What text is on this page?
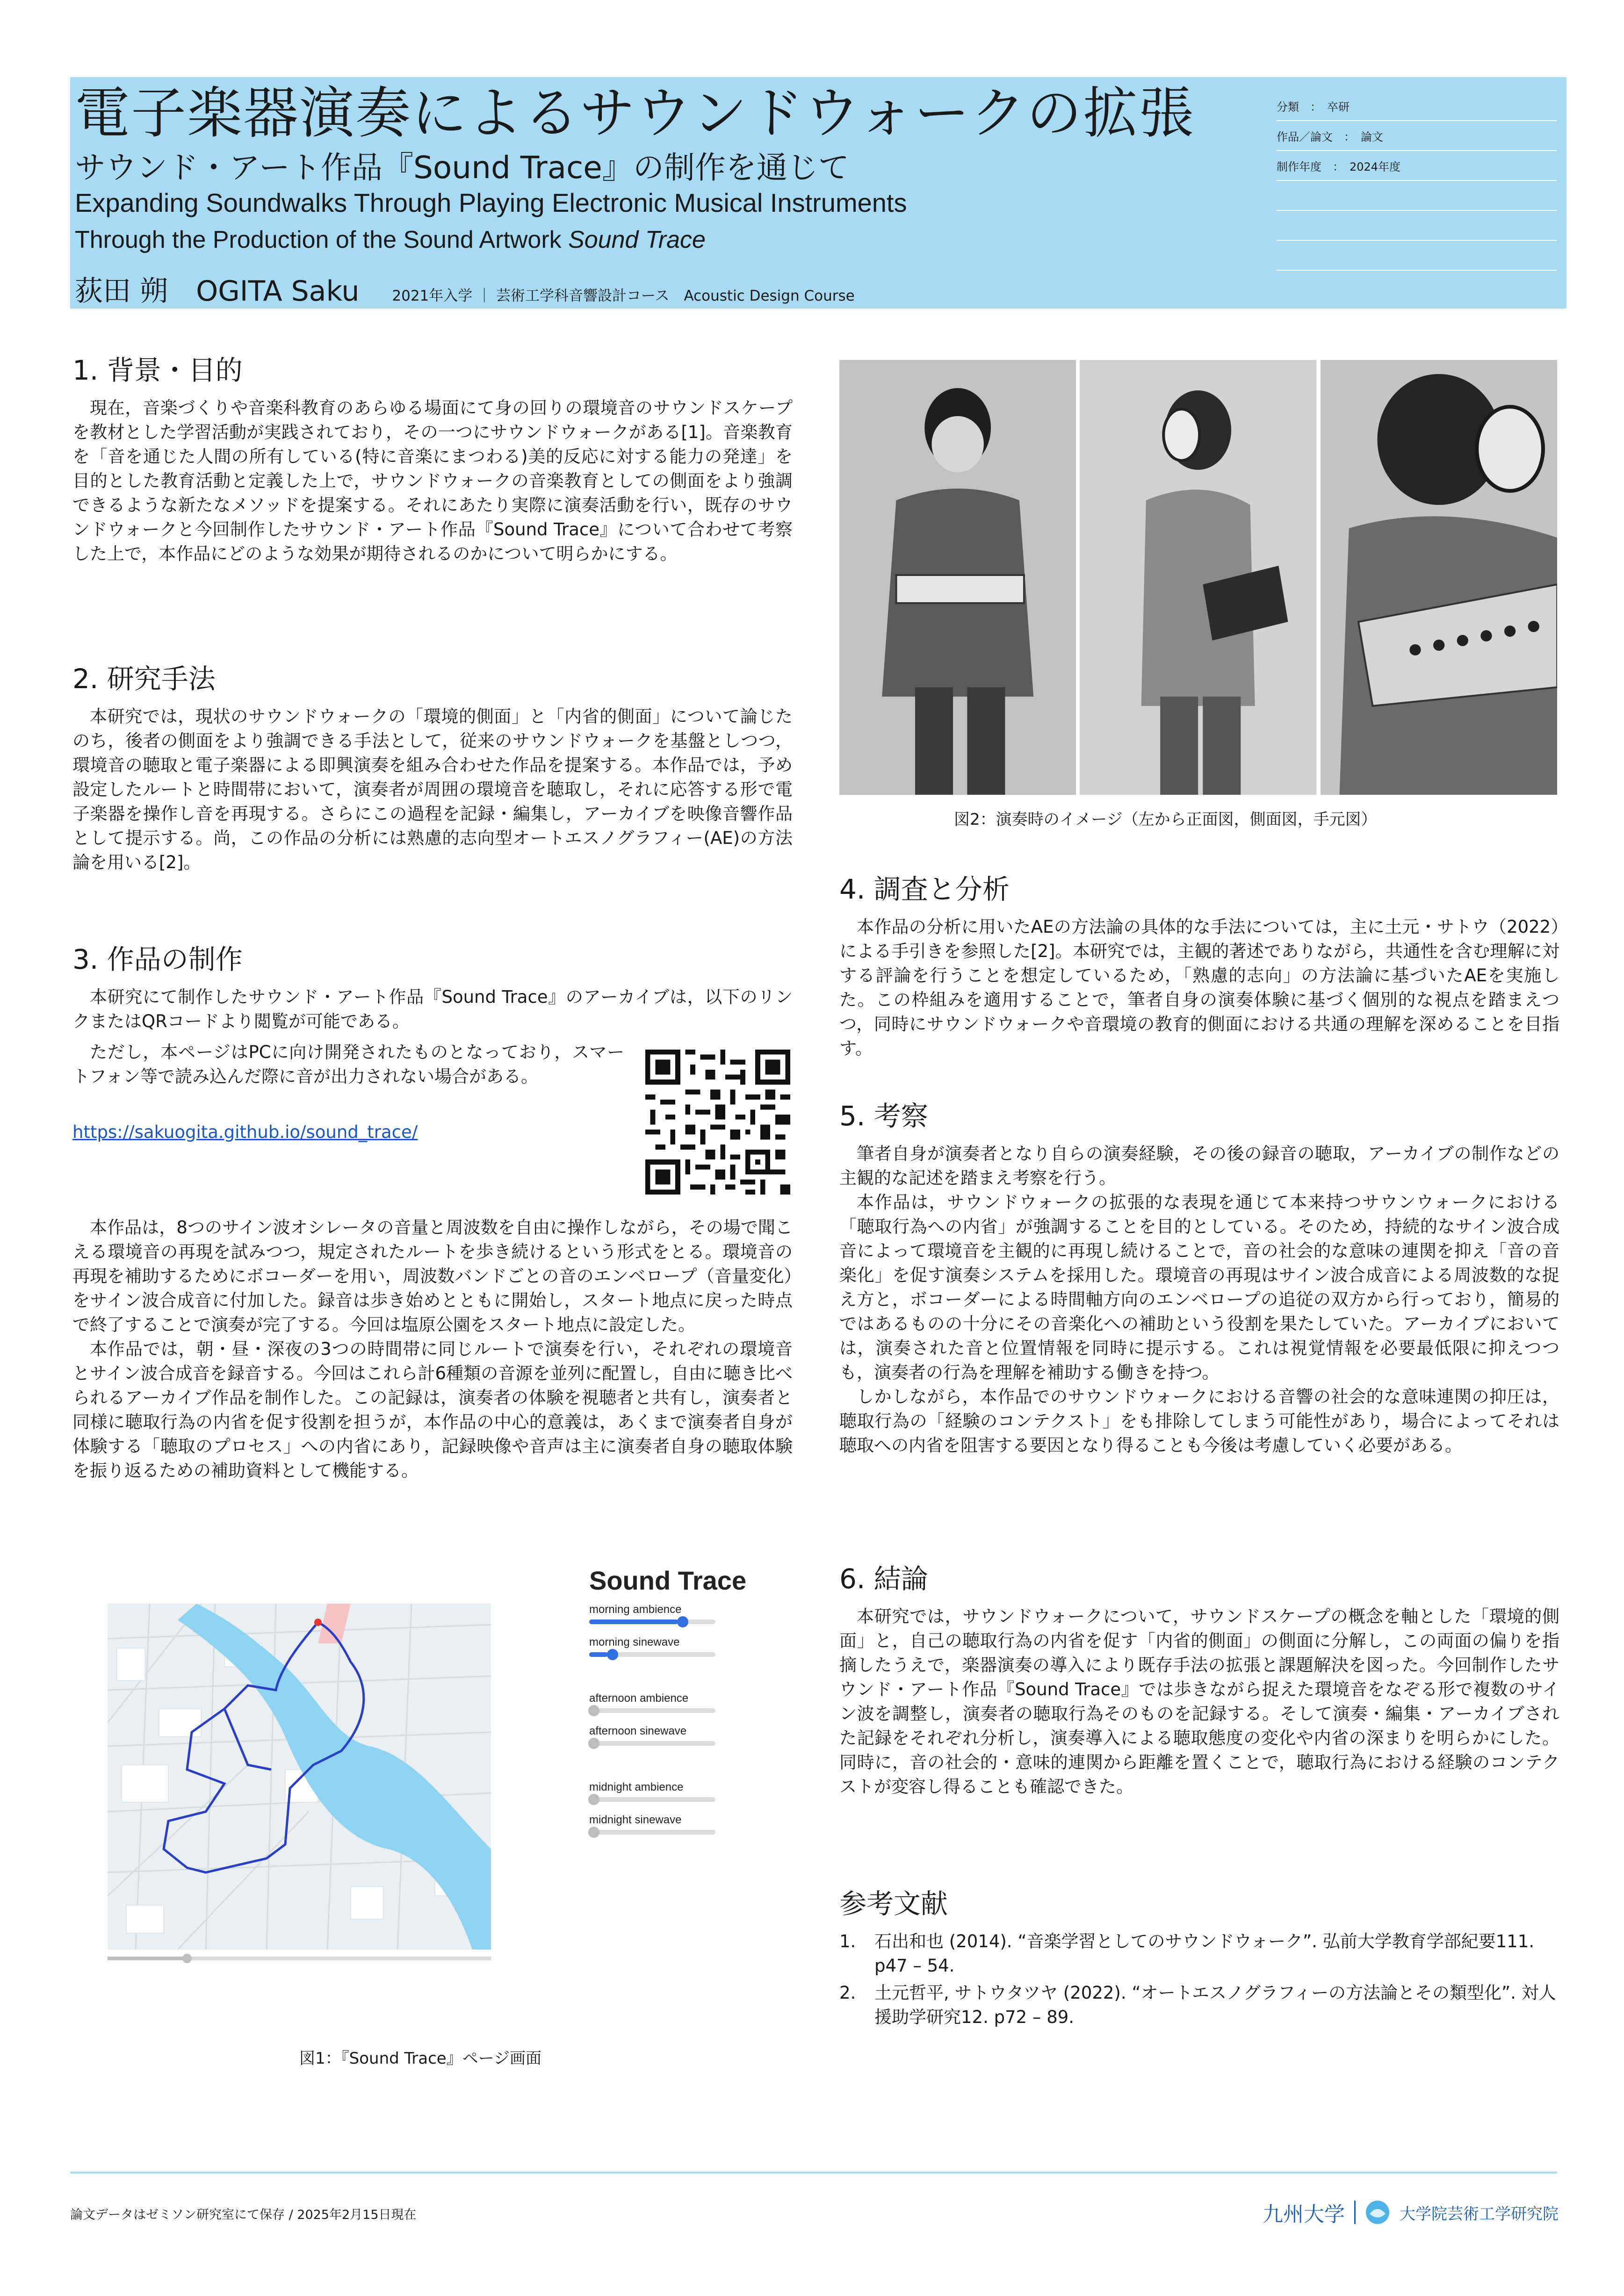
電子楽器演奏によるサウンドウォークの拡張
サウンド・アート作品『Sound Trace』の制作を通じて
Expanding Soundwalks Through Playing Electronic Musical Instruments
Through the Production of the Sound Artwork Sound Trace
荻田 朔　OGITA Saku 2021年入学 ｜ 芸術工学科音響設計コース　Acoustic Design Course
分類　：　卒研
作品／論文　：　論文
制作年度　：　2024年度
1. 背景・目的

現在，音楽づくりや音楽科教育のあらゆる場面にて身の回りの環境音のサウンドスケープを教材とした学習活動が実践されており，その一つにサウンドウォークがある[1]。音楽教育を「音を通じた人間の所有している(特に音楽にまつわる)美的反応に対する能力の発達」を目的とした教育活動と定義した上で，サウンドウォークの音楽教育としての側面をより強調できるような新たなメソッドを提案する。それにあたり実際に演奏活動を行い，既存のサウンドウォークと今回制作したサウンド・アート作品『Sound Trace』について合わせて考察した上で，本作品にどのような効果が期待されるのかについて明らかにする。

2. 研究手法

本研究では，現状のサウンドウォークの「環境的側面」と「内省的側面」について論じたのち，後者の側面をより強調できる手法として，従来のサウンドウォークを基盤としつつ，環境音の聴取と電子楽器による即興演奏を組み合わせた作品を提案する。本作品では，予め設定したルートと時間帯において，演奏者が周囲の環境音を聴取し，それに応答する形で電子楽器を操作し音を再現する。さらにこの過程を記録・編集し，アーカイブを映像音響作品として提示する。尚，この作品の分析には熟慮的志向型オートエスノグラフィー(AE)の方法論を用いる[2]。

3. 作品の制作

本研究にて制作したサウンド・アート作品『Sound Trace』のアーカイブは，以下のリンクまたはQRコードより閲覧が可能である。

ただし，本ページはPCに向け開発されたものとなっており，スマートフォン等で読み込んだ際に音が出力されない場合がある。

https://sakuogita.github.io/sound_trace/

本作品は，8つのサイン波オシレータの音量と周波数を自由に操作しながら，その場で聞こえる環境音の再現を試みつつ，規定されたルートを歩き続けるという形式をとる。環境音の再現を補助するためにボコーダーを用い，周波数バンドごとの音のエンベロープ（音量変化）をサイン波合成音に付加した。録音は歩き始めとともに開始し，スタート地点に戻った時点で終了することで演奏が完了する。今回は塩原公園をスタート地点に設定した。

本作品では，朝・昼・深夜の3つの時間帯に同じルートで演奏を行い，それぞれの環境音とサイン波合成音を録音する。今回はこれら計6種類の音源を並列に配置し，自由に聴き比べられるアーカイブ作品を制作した。この記録は，演奏者の体験を視聴者と共有し，演奏者と同様に聴取行為の内省を促す役割を担うが，本作品の中心的意義は，あくまで演奏者自身が体験する「聴取のプロセス」への内省にあり，記録映像や音声は主に演奏者自身の聴取体験を振り返るための補助資料として機能する。

Sound Trace
morning ambience
morning sinewave
afternoon ambience
afternoon sinewave
midnight ambience
midnight sinewave
図1：『Sound Trace』ページ画面
図2：演奏時のイメージ（左から正面図，側面図，手元図）
4. 調査と分析

本作品の分析に用いたAEの方法論の具体的な手法については，主に土元・サトウ（2022）による手引きを参照した[2]。本研究では，主観的著述でありながら，共通性を含む理解に対する評論を行うことを想定しているため，「熟慮的志向」の方法論に基づいたAEを実施した。この枠組みを適用することで，筆者自身の演奏体験に基づく個別的な視点を踏まえつつ，同時にサウンドウォークや音環境の教育的側面における共通の理解を深めることを目指す。

5. 考察

筆者自身が演奏者となり自らの演奏経験，その後の録音の聴取，アーカイブの制作などの主観的な記述を踏まえ考察を行う。

本作品は，サウンドウォークの拡張的な表現を通じて本来持つサウンウォークにおける「聴取行為への内省」が強調することを目的としている。そのため，持続的なサイン波合成音によって環境音を主観的に再現し続けることで，音の社会的な意味の連関を抑え「音の音楽化」を促す演奏システムを採用した。環境音の再現はサイン波合成音による周波数的な捉え方と，ボコーダーによる時間軸方向のエンベロープの追従の双方から行っており，簡易的ではあるものの十分にその音楽化への補助という役割を果たしていた。アーカイブにおいては，演奏された音と位置情報を同時に提示する。これは視覚情報を必要最低限に抑えつつも，演奏者の行為を理解を補助する働きを持つ。

しかしながら，本作品でのサウンドウォークにおける音響の社会的な意味連関の抑圧は，聴取行為の「経験のコンテクスト」をも排除してしまう可能性があり，場合によってそれは聴取への内省を阻害する要因となり得ることも今後は考慮していく必要がある。

6. 結論

本研究では，サウンドウォークについて，サウンドスケープの概念を軸とした「環境的側面」と，自己の聴取行為の内省を促す「内省的側面」の側面に分解し，この両面の偏りを指摘したうえで，楽器演奏の導入により既存手法の拡張と課題解決を図った。今回制作したサウンド・アート作品『Sound Trace』では歩きながら捉えた環境音をなぞる形で複数のサイン波を調整し，演奏者の聴取行為そのものを記録する。そして演奏・編集・アーカイブされた記録をそれぞれ分析し，演奏導入による聴取態度の変化や内省の深まりを明らかにした。同時に，音の社会的・意味的連関から距離を置くことで，聴取行為における経験のコンテクストが変容し得ることも確認できた。

参考文献
1.	石出和也 (2014). “音楽学習としてのサウンドウォーク”. 弘前大学教育学部紀要111. p47 – 54.
2.	土元哲平, サトウタツヤ (2022). “オートエスノグラフィーの方法論とその類型化”. 対人援助学研究12. p72 – 89.
論文データはゼミソン研究室にて保存 / 2025年2月15日現在	九州大学	大学院芸術工学研究院
